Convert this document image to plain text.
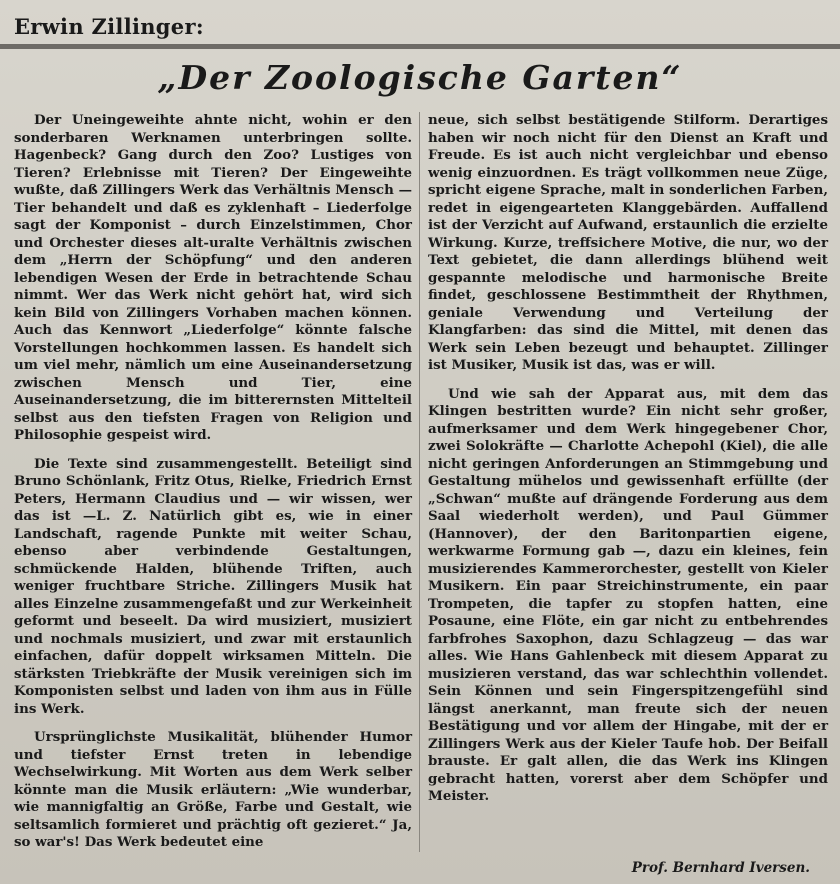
Erwin Zillinger:
„Der Zoologische Garten“

Der Uneingeweihte ahnte nicht, wohin er den sonderbaren Werknamen unterbringen sollte. Hagenbeck? Gang durch den Zoo? Lustiges von Tieren? Erlebnisse mit Tieren? Der Eingeweihte wußte, daß Zillingers Werk das Verhältnis Mensch — Tier behandelt und daß es zyklenhaft – Liederfolge sagt der Komponist – durch Einzelstimmen, Chor und Orchester dieses alt-uralte Verhältnis zwischen dem „Herrn der Schöpfung“ und den anderen lebendigen Wesen der Erde in betrachtende Schau nimmt. Wer das Werk nicht gehört hat, wird sich kein Bild von Zillingers Vorhaben machen können. Auch das Kennwort „Liederfolge“ könnte falsche Vorstellungen hochkommen lassen. Es handelt sich um viel mehr, nämlich um eine Auseinandersetzung zwischen Mensch und Tier, eine Auseinandersetzung, die im bitterernsten Mittelteil selbst aus den tiefsten Fragen von Religion und Philosophie gespeist wird.

Die Texte sind zusammengestellt. Beteiligt sind Bruno Schönlank, Fritz Otus, Rielke, Friedrich Ernst Peters, Hermann Claudius und — wir wissen, wer das ist —L. Z. Natürlich gibt es, wie in einer Landschaft, ragende Punkte mit weiter Schau, ebenso aber verbindende Gestaltungen, schmückende Halden, blühende Triften, auch weniger fruchtbare Striche. Zillingers Musik hat alles Einzelne zusammengefaßt und zur Werkeinheit geformt und beseelt. Da wird musiziert, musiziert und nochmals musiziert, und zwar mit erstaunlich einfachen, dafür doppelt wirksamen Mitteln. Die stärksten Triebkräfte der Musik vereinigen sich im Komponisten selbst und laden von ihm aus in Fülle ins Werk.

Ursprünglichste Musikalität, blühender Humor und tiefster Ernst treten in lebendige Wechselwirkung. Mit Worten aus dem Werk selber könnte man die Musik erläutern: „Wie wunderbar, wie mannigfaltig an Größe, Farbe und Gestalt, wie seltsamlich formieret und prächtig oft gezieret.“ Ja, so war's! Das Werk bedeutet eine

neue, sich selbst bestätigende Stilform. Derartiges haben wir noch nicht für den Dienst an Kraft und Freude. Es ist auch nicht vergleichbar und ebenso wenig einzuordnen. Es trägt vollkommen neue Züge, spricht eigene Sprache, malt in sonderlichen Farben, redet in eigengearteten Klanggebärden. Auffallend ist der Verzicht auf Aufwand, erstaunlich die erzielte Wirkung. Kurze, treffsichere Motive, die nur, wo der Text gebietet, die dann allerdings blühend weit gespannte melodische und harmonische Breite findet, geschlossene Bestimmtheit der Rhythmen, geniale Verwendung und Verteilung der Klangfarben: das sind die Mittel, mit denen das Werk sein Leben bezeugt und behauptet. Zillinger ist Musiker, Musik ist das, was er will.

Und wie sah der Apparat aus, mit dem das Klingen bestritten wurde? Ein nicht sehr großer, aufmerksamer und dem Werk hingegebener Chor, zwei Solokräfte — Charlotte Achepohl (Kiel), die alle nicht geringen Anforderungen an Stimmgebung und Gestaltung mühelos und gewissenhaft erfüllte (der „Schwan“ mußte auf drängende Forderung aus dem Saal wiederholt werden), und Paul Gümmer (Hannover), der den Baritonpartien eigene, werkwarme Formung gab —, dazu ein kleines, fein musizierendes Kammerorchester, gestellt von Kieler Musikern. Ein paar Streichinstrumente, ein paar Trompeten, die tapfer zu stopfen hatten, eine Posaune, eine Flöte, ein gar nicht zu entbehrendes farbfrohes Saxophon, dazu Schlagzeug — das war alles. Wie Hans Gahlenbeck mit diesem Apparat zu musizieren verstand, das war schlechthin vollendet. Sein Können und sein Fingerspitzengefühl sind längst anerkannt, man freute sich der neuen Bestätigung und vor allem der Hingabe, mit der er Zillingers Werk aus der Kieler Taufe hob. Der Beifall brauste. Er galt allen, die das Werk ins Klingen gebracht hatten, vorerst aber dem Schöpfer und Meister.

Prof. Bernhard Iversen.
